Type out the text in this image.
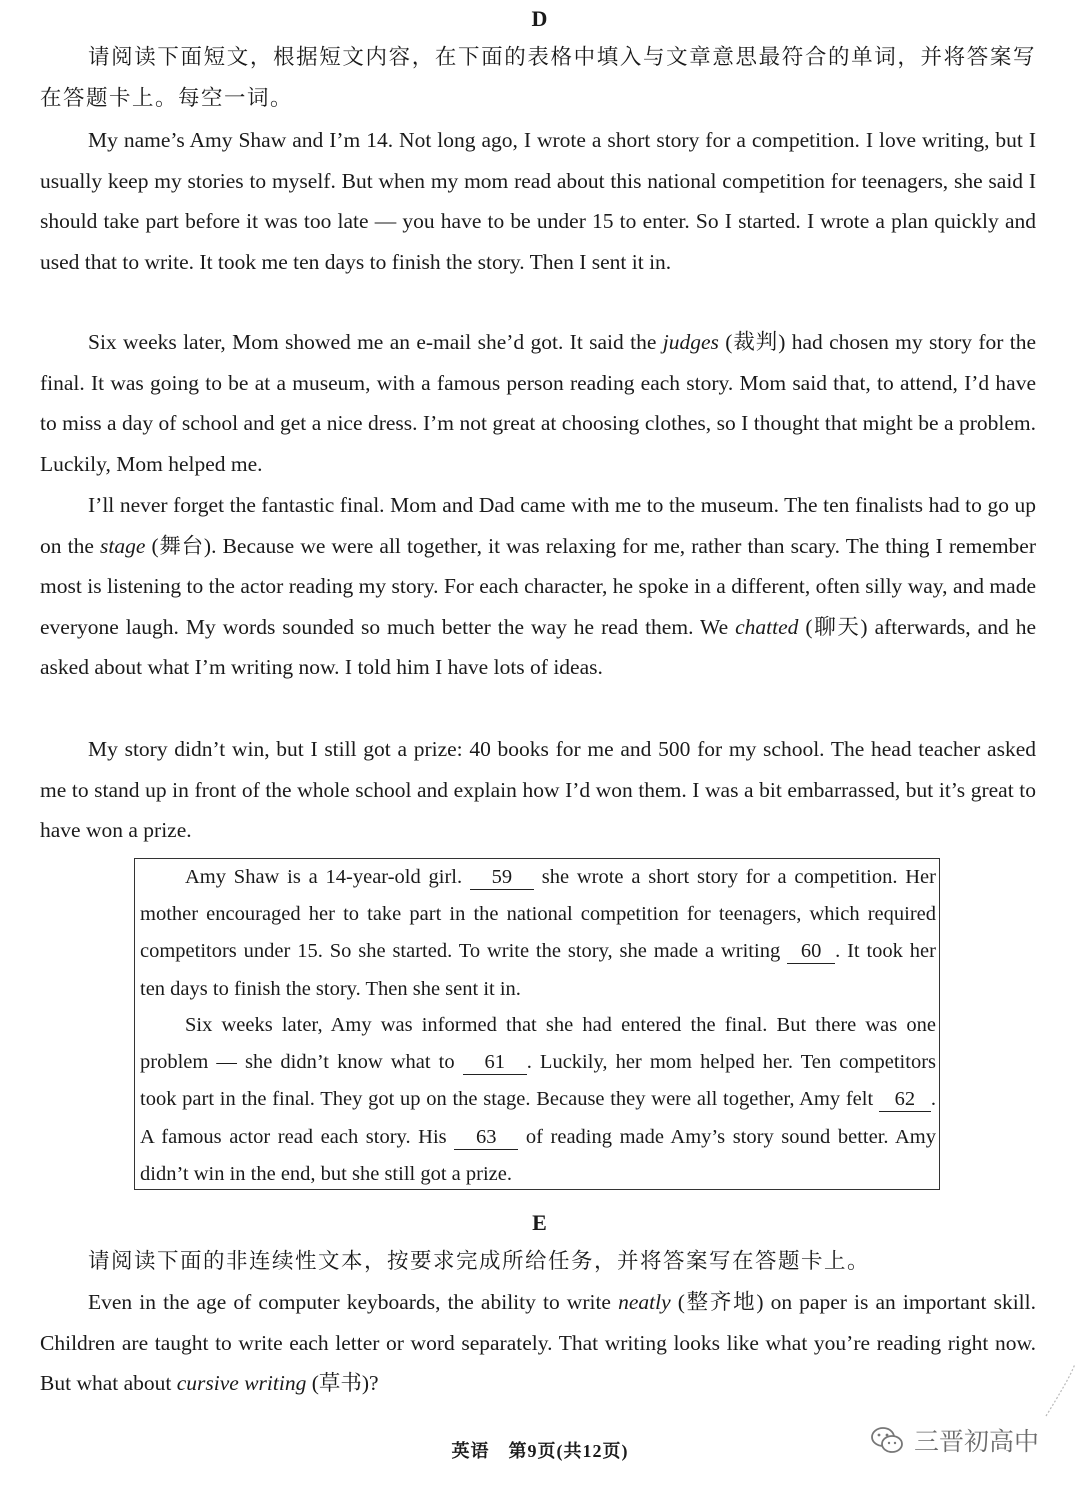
D

请阅读下面短文，根据短文内容，在下面的表格中填入与文章意思最符合的单词，并将答案写在答题卡上。每空一词。

My name’s Amy Shaw and I’m 14. Not long ago, I wrote a short story for a competition. I love writing, but I usually keep my stories to myself. But when my mom read about this national competition for teenagers, she said I should take part before it was too late — you have to be under 15 to enter. So I started. I wrote a plan quickly and used that to write. It took me ten days to finish the story. Then I sent it in.

Six weeks later, Mom showed me an e-mail she’d got. It said the judges (裁判) had chosen my story for the final. It was going to be at a museum, with a famous person reading each story. Mom said that, to attend, I’d have to miss a day of school and get a nice dress. I’m not great at choosing clothes, so I thought that might be a problem. Luckily, Mom helped me.

I’ll never forget the fantastic final. Mom and Dad came with me to the museum. The ten finalists had to go up on the stage (舞台). Because we were all together, it was relaxing for me, rather than scary. The thing I remember most is listening to the actor reading my story. For each character, he spoke in a different, often silly way, and made everyone laugh. My words sounded so much better the way he read them. We chatted (聊天) afterwards, and he asked about what I’m writing now. I told him I have lots of ideas.

My story didn’t win, but I still got a prize: 40 books for me and 500 for my school. The head teacher asked me to stand up in front of the whole school and explain how I’d won them. I was a bit embarrassed, but it’s great to have won a prize.

Amy Shaw is a 14-year-old girl. 59 she wrote a short story for a competition. Her mother encouraged her to take part in the national competition for teenagers, which required competitors under 15. So she started. To write the story, she made a writing 60 . It took her ten days to finish the story. Then she sent it in.

Six weeks later, Amy was informed that she had entered the final. But there was one problem — she didn’t know what to 61 . Luckily, her mom helped her. Ten competitors took part in the final. They got up on the stage. Because they were all together, Amy felt 62 . A famous actor read each story. His 63 of reading made Amy’s story sound better. Amy didn’t win in the end, but she still got a prize.

E

请阅读下面的非连续性文本，按要求完成所给任务，并将答案写在答题卡上。

Even in the age of computer keyboards, the ability to write neatly (整齐地) on paper is an important skill. Children are taught to write each letter or word separately. That writing looks like what you’re reading right now. But what about cursive writing (草书)?

英语　第9页(共12页)	三晋初高中
